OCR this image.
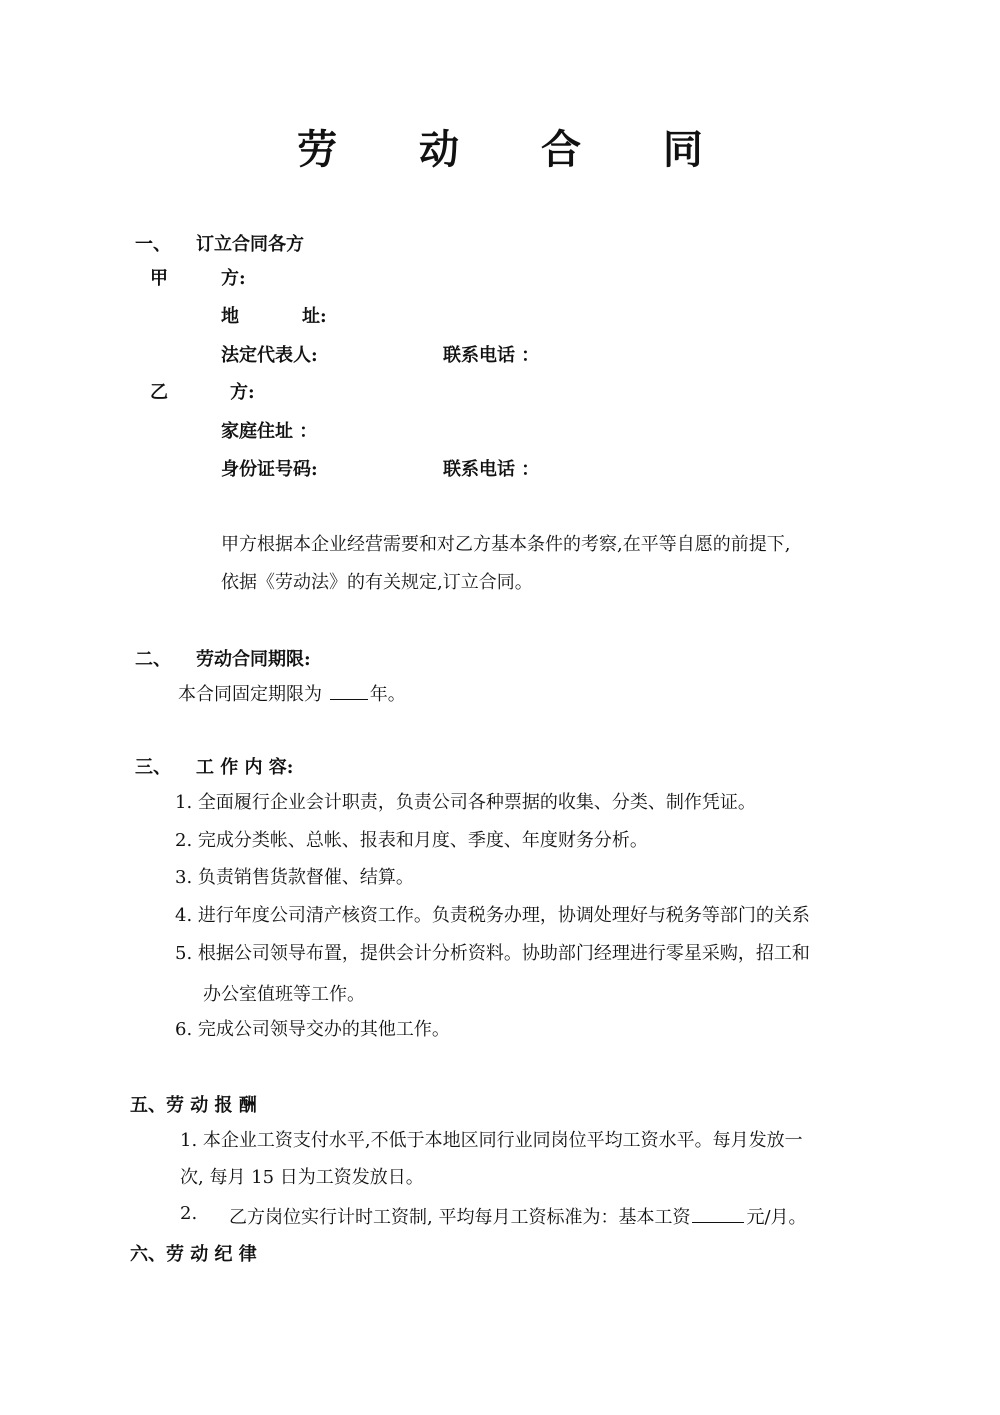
劳 动 合 同
一、 订立合同各方
甲	方:
地	址:
法定代表人:	联系电话 ：
乙	方:
家庭住址 ：
身份证号码:	联系电话 ：
甲方根据本企业经营需要和对乙方基本条件的考察,在平等自愿的前提下,
依据《劳动法》的有关规定,订立合同。
二、 劳动合同期限:
本合同固定期限为	年。
三、 工 作 内 容:
1. 全面履行企业会计职责，负责公司各种票据的收集、分类、制作凭证。
2. 完成分类帐、总帐、报表和月度、季度、年度财务分析。
3. 负责销售货款督催、结算。
4. 进行年度公司清产核资工作。负责税务办理，协调处理好与税务等部门的关系
5. 根据公司领导布置，提供会计分析资料。协助部门经理进行零星采购，招工和
办公室值班等工作。
6. 完成公司领导交办的其他工作。
五、劳 动 报 酬
1. 本企业工资支付水平,不低于本地区同行业同岗位平均工资水平。每月发放一
次, 每月 15 日为工资发放日。
2. 乙方岗位实行计时工资制, 平均每月工资标准为：基本工资	元/月。
六、劳 动 纪 律
